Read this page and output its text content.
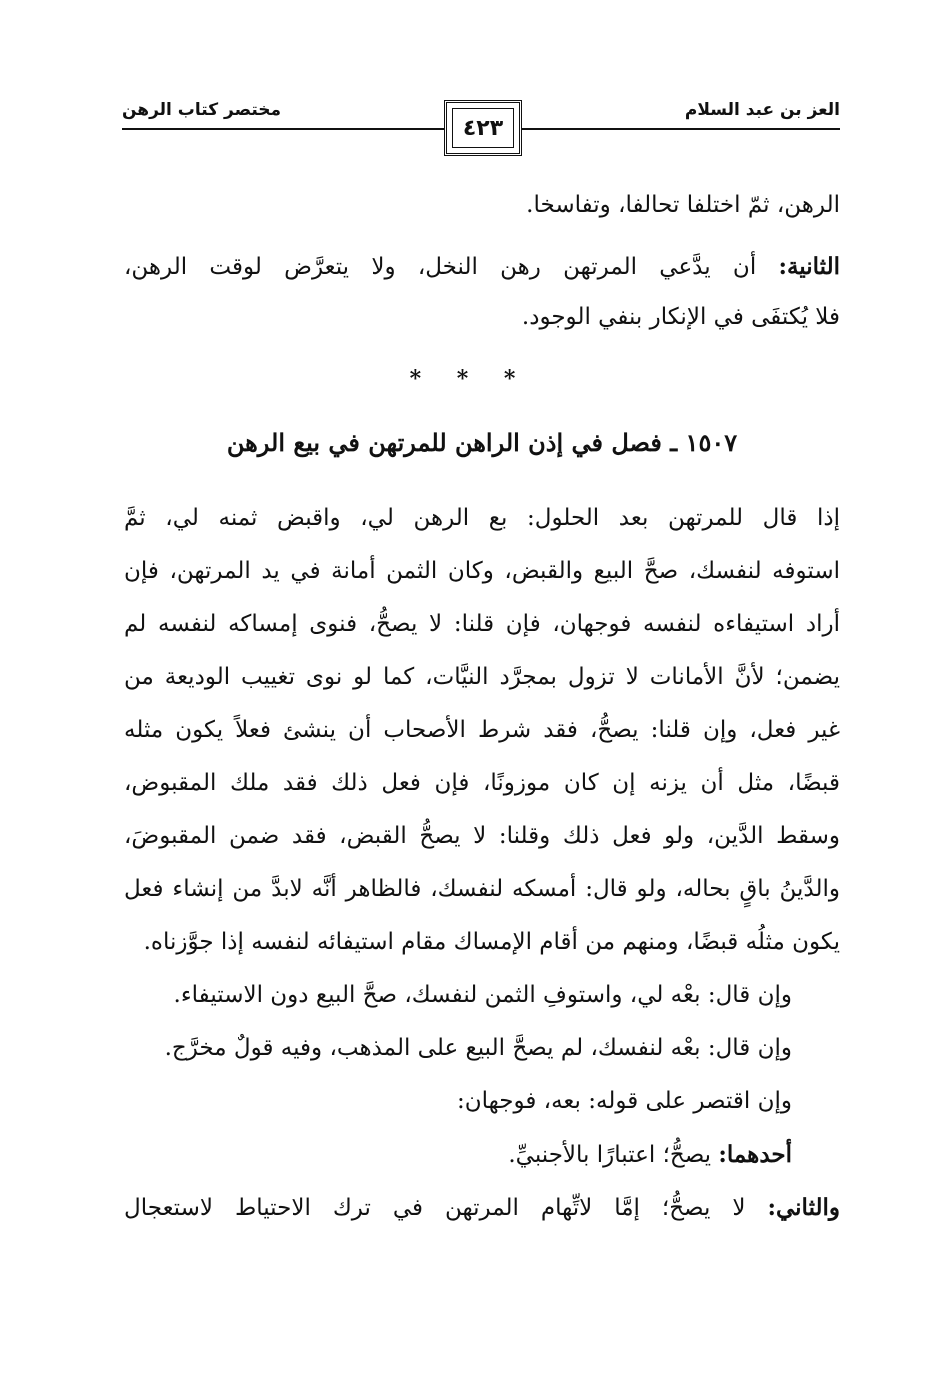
العز بن عبد السلام
مختصر كتاب الرهن
٤٢٣
الرهن، ثمّ اختلفا تحالفا، وتفاسخا.
الثانية: أن يدَّعي المرتهن رهن النخل، ولا يتعرَّض لوقت الرهن،
فلا يُكتفَى في الإنكار بنفي الوجود.
* * *
١٥٠٧ ـ فصل في إذن الراهن للمرتهن في بيع الرهن
إذا قال للمرتهن بعد الحلول: بع الرهن لي، واقبض ثمنه لي، ثمَّ
استوفه لنفسك، صحَّ البيع والقبض، وكان الثمن أمانة في يد المرتهن، فإن
أراد استيفاءه لنفسه فوجهان، فإن قلنا: لا يصحُّ، فنوى إمساكه لنفسه لم
يضمن؛ لأنَّ الأمانات لا تزول بمجرَّد النيَّات، كما لو نوى تغييب الوديعة من
غير فعل، وإن قلنا: يصحُّ، فقد شرط الأصحاب أن ينشئ فعلاً يكون مثله
قبضًا، مثل أن يزنه إن كان موزونًا، فإن فعل ذلك فقد ملك المقبوض،
وسقط الدَّين، ولو فعل ذلك وقلنا: لا يصحُّ القبض، فقد ضمن المقبوضَ،
والدَّينُ باقٍ بحاله، ولو قال: أمسكه لنفسك، فالظاهر أنَّه لابدَّ من إنشاء فعل
يكون مثلُه قبضًا، ومنهم من أقام الإمساك مقام استيفائه لنفسه إذا جوَّزناه.
وإن قال: بعْه لي، واستوفِ الثمن لنفسك، صحَّ البيع دون الاستيفاء.
وإن قال: بعْه لنفسك، لم يصحَّ البيع على المذهب، وفيه قولٌ مخرَّج.
وإن اقتصر على قوله: بعه، فوجهان:
أحدهما: يصحُّ؛ اعتبارًا بالأجنبيِّ.
والثاني: لا يصحُّ؛ إمَّا لاتِّهام المرتهن في ترك الاحتياط لاستعجال
